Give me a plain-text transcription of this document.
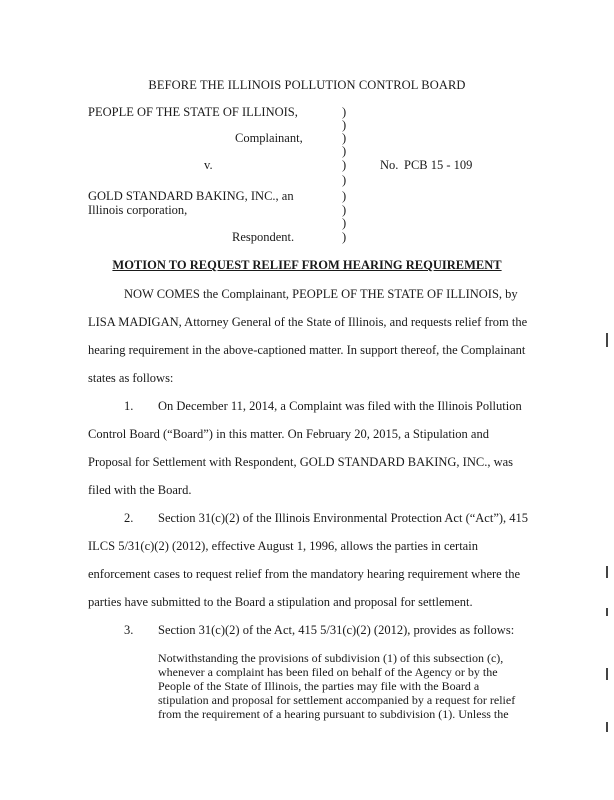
BEFORE THE ILLINOIS POLLUTION CONTROL BOARD
PEOPLE OF THE STATE OF ILLINOIS,
Complainant,
v.
GOLD STANDARD BAKING, INC., an
Illinois corporation,
Respondent.
)
)
)
)
)
)
)
)
)
)
No. PCB 15 - 109
MOTION TO REQUEST RELIEF FROM HEARING REQUIREMENT
NOW COMES the Complainant, PEOPLE OF THE STATE OF ILLINOIS, by
LISA MADIGAN, Attorney General of the State of Illinois, and requests relief from the
hearing requirement in the above-captioned matter. In support thereof, the Complainant
states as follows:
1. On December 11, 2014, a Complaint was filed with the Illinois Pollution
Control Board (“Board”) in this matter. On February 20, 2015, a Stipulation and
Proposal for Settlement with Respondent, GOLD STANDARD BAKING, INC., was
filed with the Board.
2. Section 31(c)(2) of the Illinois Environmental Protection Act (“Act”), 415
ILCS 5/31(c)(2) (2012), effective August 1, 1996, allows the parties in certain
enforcement cases to request relief from the mandatory hearing requirement where the
parties have submitted to the Board a stipulation and proposal for settlement.
3. Section 31(c)(2) of the Act, 415 5/31(c)(2) (2012), provides as follows:
Notwithstanding the provisions of subdivision (1) of this subsection (c),
whenever a complaint has been filed on behalf of the Agency or by the
People of the State of Illinois, the parties may file with the Board a
stipulation and proposal for settlement accompanied by a request for relief
from the requirement of a hearing pursuant to subdivision (1). Unless the
